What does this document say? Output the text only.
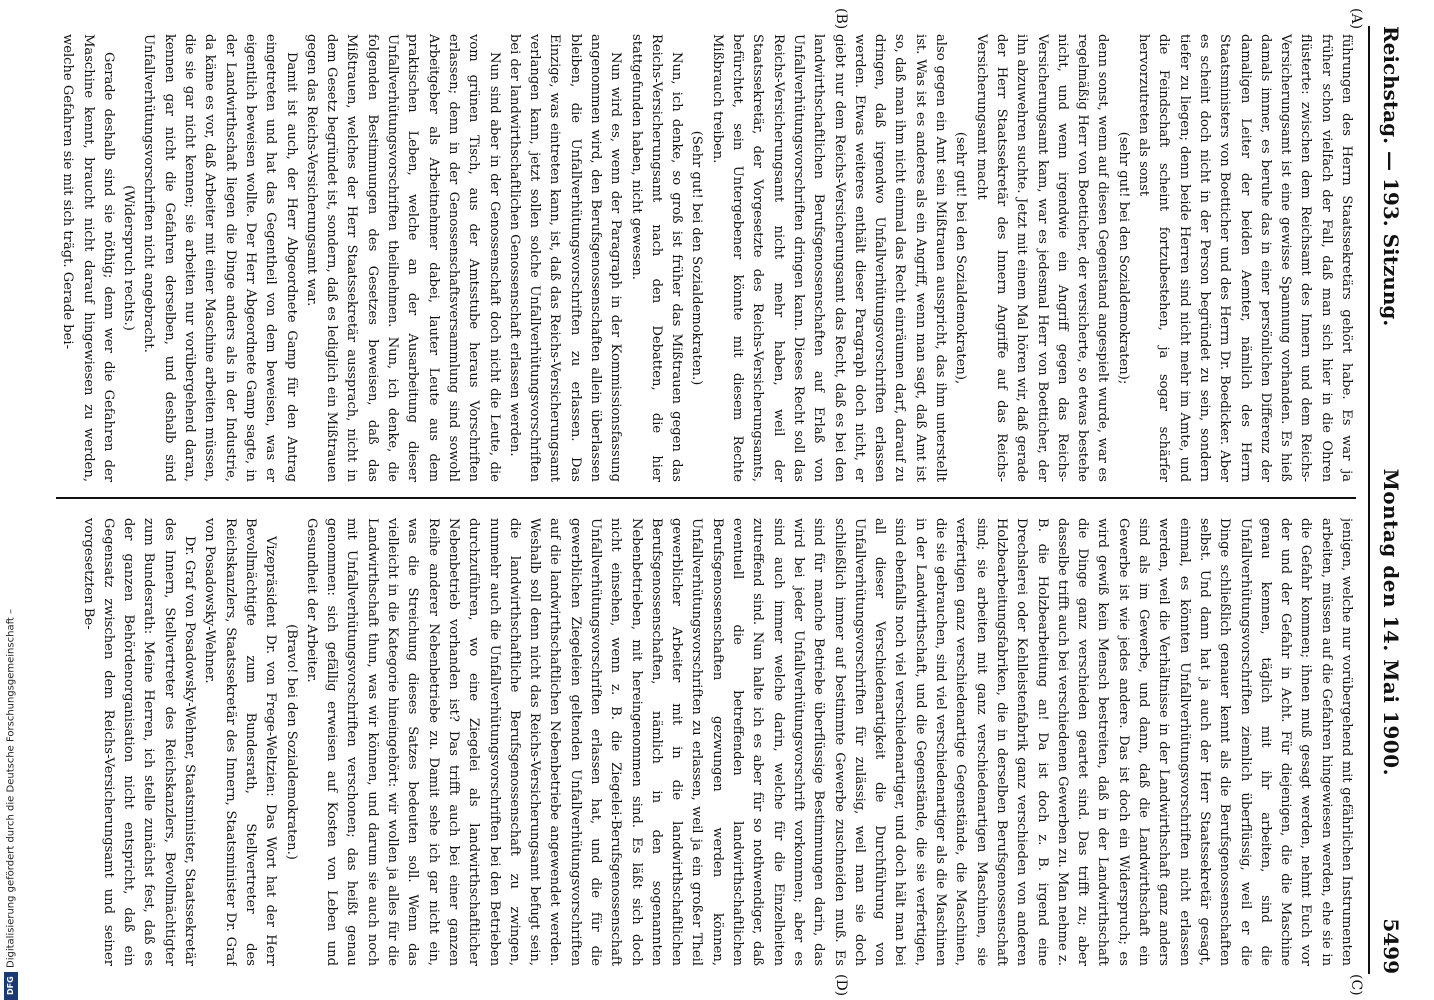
DFG
Digitalisierung gefördert durch die Deutsche Forschungsgemeinschaft –
Reichstag. — 193. Sitzung.
Montag den 14. Mai 1900.
5499
(A)
(B)
(C)
(D)

führungen des Herrn Staatssekretärs gehört habe. Es war ja früher schon vielfach der Fall, daß man sich hier in die Ohren flüsterte: zwischen dem Reichsamt des Innern und dem Reichs-Versicherungsamt ist eine gewisse Spannung vorhanden. Es hieß damals immer, es beruhe das in einer persönlichen Differenz der damaligen Leiter der beiden Aemter, nämlich des Herrn Staatsministers von Boetticher und des Herrn Dr. Boedicker. Aber es scheint doch nicht in der Person begründet zu sein, sondern tiefer zu liegen; denn beide Herren sind nicht mehr im Amte, und die Feindschaft scheint fortzubestehen, ja sogar schärfer hervorzutreten als sonst

(sehr gut! bei den Sozialdemokraten);

denn sonst, wenn auf diesen Gegenstand angespielt wurde, war es regelmäßig Herr von Boetticher, der versicherte, so etwas bestehe nicht, und wenn irgendwie ein Angriff gegen das Reichs-Versicherungsamt kam, war es jedesmal Herr von Boetticher, der ihn abzuwehren suchte. Jetzt mit einem Mal hören wir, daß gerade der Herr Staatssekretär des Innern Angriffe auf das Reichs-Versicherungsamt macht

(sehr gut! bei den Sozialdemokraten),

also gegen ein Amt sein Mißtrauen ausspricht, das ihm unterstellt ist. Was ist es anderes als ein Angriff, wenn man sagt, daß Amt ist so, daß man ihm nicht einmal das Recht einräumen darf, darauf zu dringen, daß irgendwo Unfallverhütungsvorschriften erlassen werden. Etwas weiteres enthält dieser Paragraph doch nicht, er giebt nur dem Reichs-Versicherungsamt das Recht, daß es bei den landwirthschaftlichen Berufsgenossenschaften auf Erlaß von Unfallverhütungsvorschriften dringen kann. Dieses Recht soll das Reichs-Versicherungsamt nicht mehr haben, weil der Staatssekretär, der Vorgesetzte des Reichs-Versicherungsamts, befürchtet, sein Untergebener könnte mit diesem Rechte Mißbrauch treiben.

(Sehr gut! bei den Sozialdemokraten.)

Nun, ich denke, so groß ist früher das Mißtrauen gegen das Reichs-Versicherungsamt nach den Debatten, die hier stattgefunden haben, nicht gewesen.

Nun wird es, wenn der Paragraph in der Kommissionsfassung angenommen wird, den Berufsgenossenschaften allein überlassen bleiben, die Unfallverhütungsvorschriften zu erlassen. Das Einzige, was eintreten kann, ist, daß das Reichs-Versicherungsamt verlangen kann, jetzt sollen solche Unfallverhütungsvorschriften bei der landwirthschaftlichen Genossenschaft erlassen werden.

Nun sind aber in der Genossenschaft doch nicht die Leute, die vom grünen Tisch, aus der Amtsstube heraus Vorschriften erlassen; denn in der Genossenschaftsversammlung sind sowohl Arbeitgeber als Arbeitnehmer dabei, lauter Leute aus dem praktischen Leben, welche an der Ausarbeitung dieser Unfallverhütungsvorschriften theilnehmen. Nun, ich denke, die folgenden Bestimmungen des Gesetzes beweisen, daß das Mißtrauen, welches der Herr Staatssekretär aussprach, nicht in dem Gesetz begründet ist, sondern, daß es lediglich ein Mißtrauen gegen das Reichs-Versicherungsamt war.

Damit ist auch, der Herr Abgeordnete Gamp für den Antrag eingetreten und hat das Gegentheil von dem beweisen, was er eigentlich beweisen wollte. Der Herr Abgeordnete Gamp sagte, in der Landwirthschaft liegen die Dinge anders als in der Industrie, da käme es vor, daß Arbeiter mit einer Maschine arbeiten müssen, die sie gar nicht kennen; sie arbeiten nur vorübergehend daran, kennen gar nicht die Gefahren derselben, und deshalb sind Unfallverhütungsvorschriften nicht angebracht.

(Widerspruch rechts.)

Gerade deshalb sind sie nöthig; denn wer die Gefahren der Maschine kennt, braucht nicht darauf hingewiesen zu werden, welche Gefahren sie mit sich trägt. Gerade bei-

jenigen, welche nur vorübergehend mit gefährlichen Instrumenten arbeiten, müssen auf die Gefahren hingewiesen werden, ehe sie in die Gefahr kommen; ihnen muß gesagt werden, nehmt Euch vor der und der Gefahr in Acht. Für diejenigen, die die Maschine genau kennen, täglich mit ihr arbeiten, sind die Unfallverhütungsvorschriften ziemlich überflüssig, weil er die Dinge schließlich genauer kennt als die Berufsgenossenschaften selbst. Und dann hat ja auch der Herr Staatssekretär gesagt, einmal, es könnten Unfallverhütungsvorschriften nicht erlassen werden, weil die Verhältnisse in der Landwirthschaft ganz anders sind als im Gewerbe, und dann, daß die Landwirthschaft ein Gewerbe ist wie jedes andere. Das ist doch ein Widerspruch; es wird gewiß kein Mensch bestreiten, daß in der Landwirthschaft die Dinge ganz verschieden geartet sind. Das trifft zu; aber dasselbe trifft auch bei verschiedenen Gewerben zu. Man nehme z. B. die Holzbearbeitung an! Da ist doch z. B. irgend eine Drechslerei oder Kehlleistenfabrik ganz verschieden von anderen Holzbearbeitungsfabriken, die in derselben Berufsgenossenschaft sind; sie arbeiten mit ganz verschiedenartigen Maschinen, sie verfertigen ganz verschiedenartige Gegenstände, die Maschinen, die sie gebrauchen, sind viel verschiedenartiger als die Maschinen in der Landwirthschaft, und die Gegenstände, die sie verfertigen, sind ebenfalls noch viel verschiedenartiger, und doch hält man bei all dieser Verschiedenartigkeit die Durchführung von Unfallverhütungsvorschriften für zulässig, weil man sie doch schließlich immer auf bestimmte Gewerbe zuschneiden muß. Es sind für manche Betriebe überflüssige Bestimmungen darin, das wird bei jeder Unfallverhütungsvorschrift vorkommen; aber es sind auch immer welche darin, welche für die Einzelheiten zutreffend sind. Nun halte ich es aber für so nothwendiger, daß eventuell die betreffenden landwirthschaftlichen Berufsgenossenschaften gezwungen werden können, Unfallverhütungsvorschriften zu erlassen, weil ja ein großer Theil gewerblicher Arbeiter mit in die landwirthschaftlichen Berufsgenossenschaften, nämlich in den sogenannten Nebenbetrieben, mit hereingenommen sind. Es läßt sich doch nicht einsehen, wenn z. B. die Ziegelei-Berufsgenossenschaft Unfallverhütungsvorschriften erlassen hat, und die für die gewerblichen Ziegeleien geltenden Unfallverhütungsvorschriften auf die landwirthschaftlichen Nebenbetriebe angewendet werden. Weshalb soll denn nicht das Reichs-Versicherungsamt befugt sein, die landwirthschaftliche Berufsgenossenschaft zu zwingen, nunmehr auch die Unfallverhütungsvorschriften bei den Betrieben durchzuführen, wo eine Ziegelei als landwirthschaftlicher Nebenbetrieb vorhanden ist? Das trifft auch bei einer ganzen Reihe anderer Nebenbetriebe zu. Damit sehe ich gar nicht ein, was die Streichung dieses Satzes bedeuten soll. Wenn das vielleicht in die Kategorie hineingehört: wir wollen ja alles für die Landwirthschaft thun, was wir können, und darum sie auch noch mit Unfallverhütungsvorschriften verschonen; das heißt genau genommen: sich gefällig erweisen auf Kosten von Leben und Gesundheit der Arbeiter.

(Bravo! bei den Sozialdemokraten.)

Vizepräsident Dr. von Frege-Weltzien: Das Wort hat der Herr Bevollmächtigte zum Bundesrath, Stellvertreter des Reichskanzlers, Staatssekretär des Innern, Staatsminister Dr. Graf von Posadowsky-Wehner.

Dr. Graf von Posadowsky-Wehner, Staatsminister, Staatssekretär des Innern, Stellvertreter des Reichskanzlers, Bevollmächtigter zum Bundesrath: Meine Herren, ich stelle zunächst fest, daß es der ganzen Behördenorganisation nicht entspricht, daß ein Gegensatz zwischen dem Reichs-Versicherungsamt und seiner vorgesetzten Be-
